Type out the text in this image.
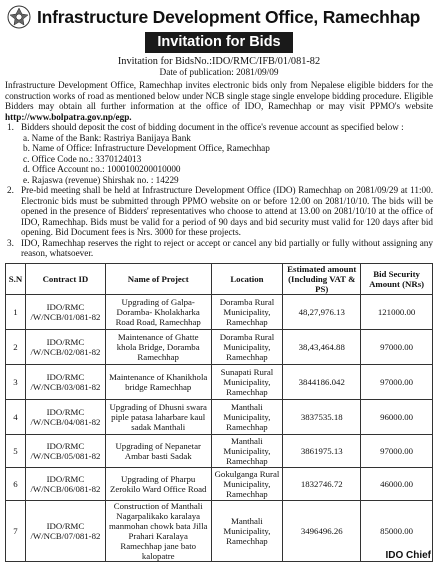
Infrastructure Development Office, Ramechhap
Invitation for Bids
Invitation for BidsNo.:IDO/RMC/IFB/01/081-82
Date of publication: 2081/09/09
Infrastructure Development Office, Ramechhap invites electronic bids only from Nepalese eligible bidders for the construction works of road as mentioned below under NCB single stage single envelope bidding procedure. Eligible Bidders may obtain all further information at the office of IDO, Ramechhap or may visit PPMO's website http://www.bolpatra.gov.np/egp.
1. Bidders should deposit the cost of bidding document in the office's revenue account as specified below :
a. Name of the Bank: Rastriya Banijaya Bank
b. Name of Office: Infrastructure Development Office, Ramechhap
c. Office Code no.: 3370124013
d. Office Account no.: 1000100200010000
e. Rajaswa (revenue) Shirshak no. : 14229
2. Pre-bid meeting shall be held at Infrastructure Development Office (IDO) Ramechhap on 2081/09/29 at 11:00. Electronic bids must be submitted through PPMO website on or before 12.00 on 2081/10/10. The bids will be opened in the presence of Bidders' representatives who choose to attend at 13.00 on 2081/10/10 at the office of IDO, Ramechhap. Bids must be valid for a period of 90 days and bid security must valid for 120 days after bid opening. Bid Document fees is Nrs. 3000 for these projects.
3. IDO, Ramechhap reserves the right to reject or accept or cancel any bid partially or fully without assigning any reason, whatsoever.
S.N	Contract ID	Name of Project	Location	Estimated amount (Including VAT & PS)	Bid Security Amount (NRs)
1	IDO/RMC /W/NCB/01/081-82	Upgrading of Galpa- Doramba- Kholakharka Road Road, Ramechhap	Doramba Rural Municipality, Ramechhap	48,27,976.13	121000.00
2	IDO/RMC /W/NCB/02/081-82	Maintenance of Ghatte khola Bridge, Doramba Ramechhap	Doramba Rural Municipality, Ramechhap	38,43,464.88	97000.00
3	IDO/RMC /W/NCB/03/081-82	Maintenance of Khanikhola bridge Ramechhap	Sunapati Rural Municipality, Ramechhap	3844186.042	97000.00
4	IDO/RMC /W/NCB/04/081-82	Upgrading of Dhusni swara piple patasa laharbare kaul sadak Manthali	Manthali Municipality, Ramechhap	3837535.18	96000.00
5	IDO/RMC /W/NCB/05/081-82	Upgrading of Nepanetar Ambar basti Sadak	Manthali Municipality, Ramechhap	3861975.13	97000.00
6	IDO/RMC /W/NCB/06/081-82	Upgrading of Pharpu Zerokilo Ward Office Road	Gokulganga Rural Municipality, Ramechhap	1832746.72	46000.00
7	IDO/RMC /W/NCB/07/081-82	Construction of Manthali Nagarpalikako karalaya manmohan chowk bata Jilla Prahari Karalaya Ramechhap jane bato kalopatre	Manthali Municipality, Ramechhap	3496496.26	85000.00
IDO Chief
